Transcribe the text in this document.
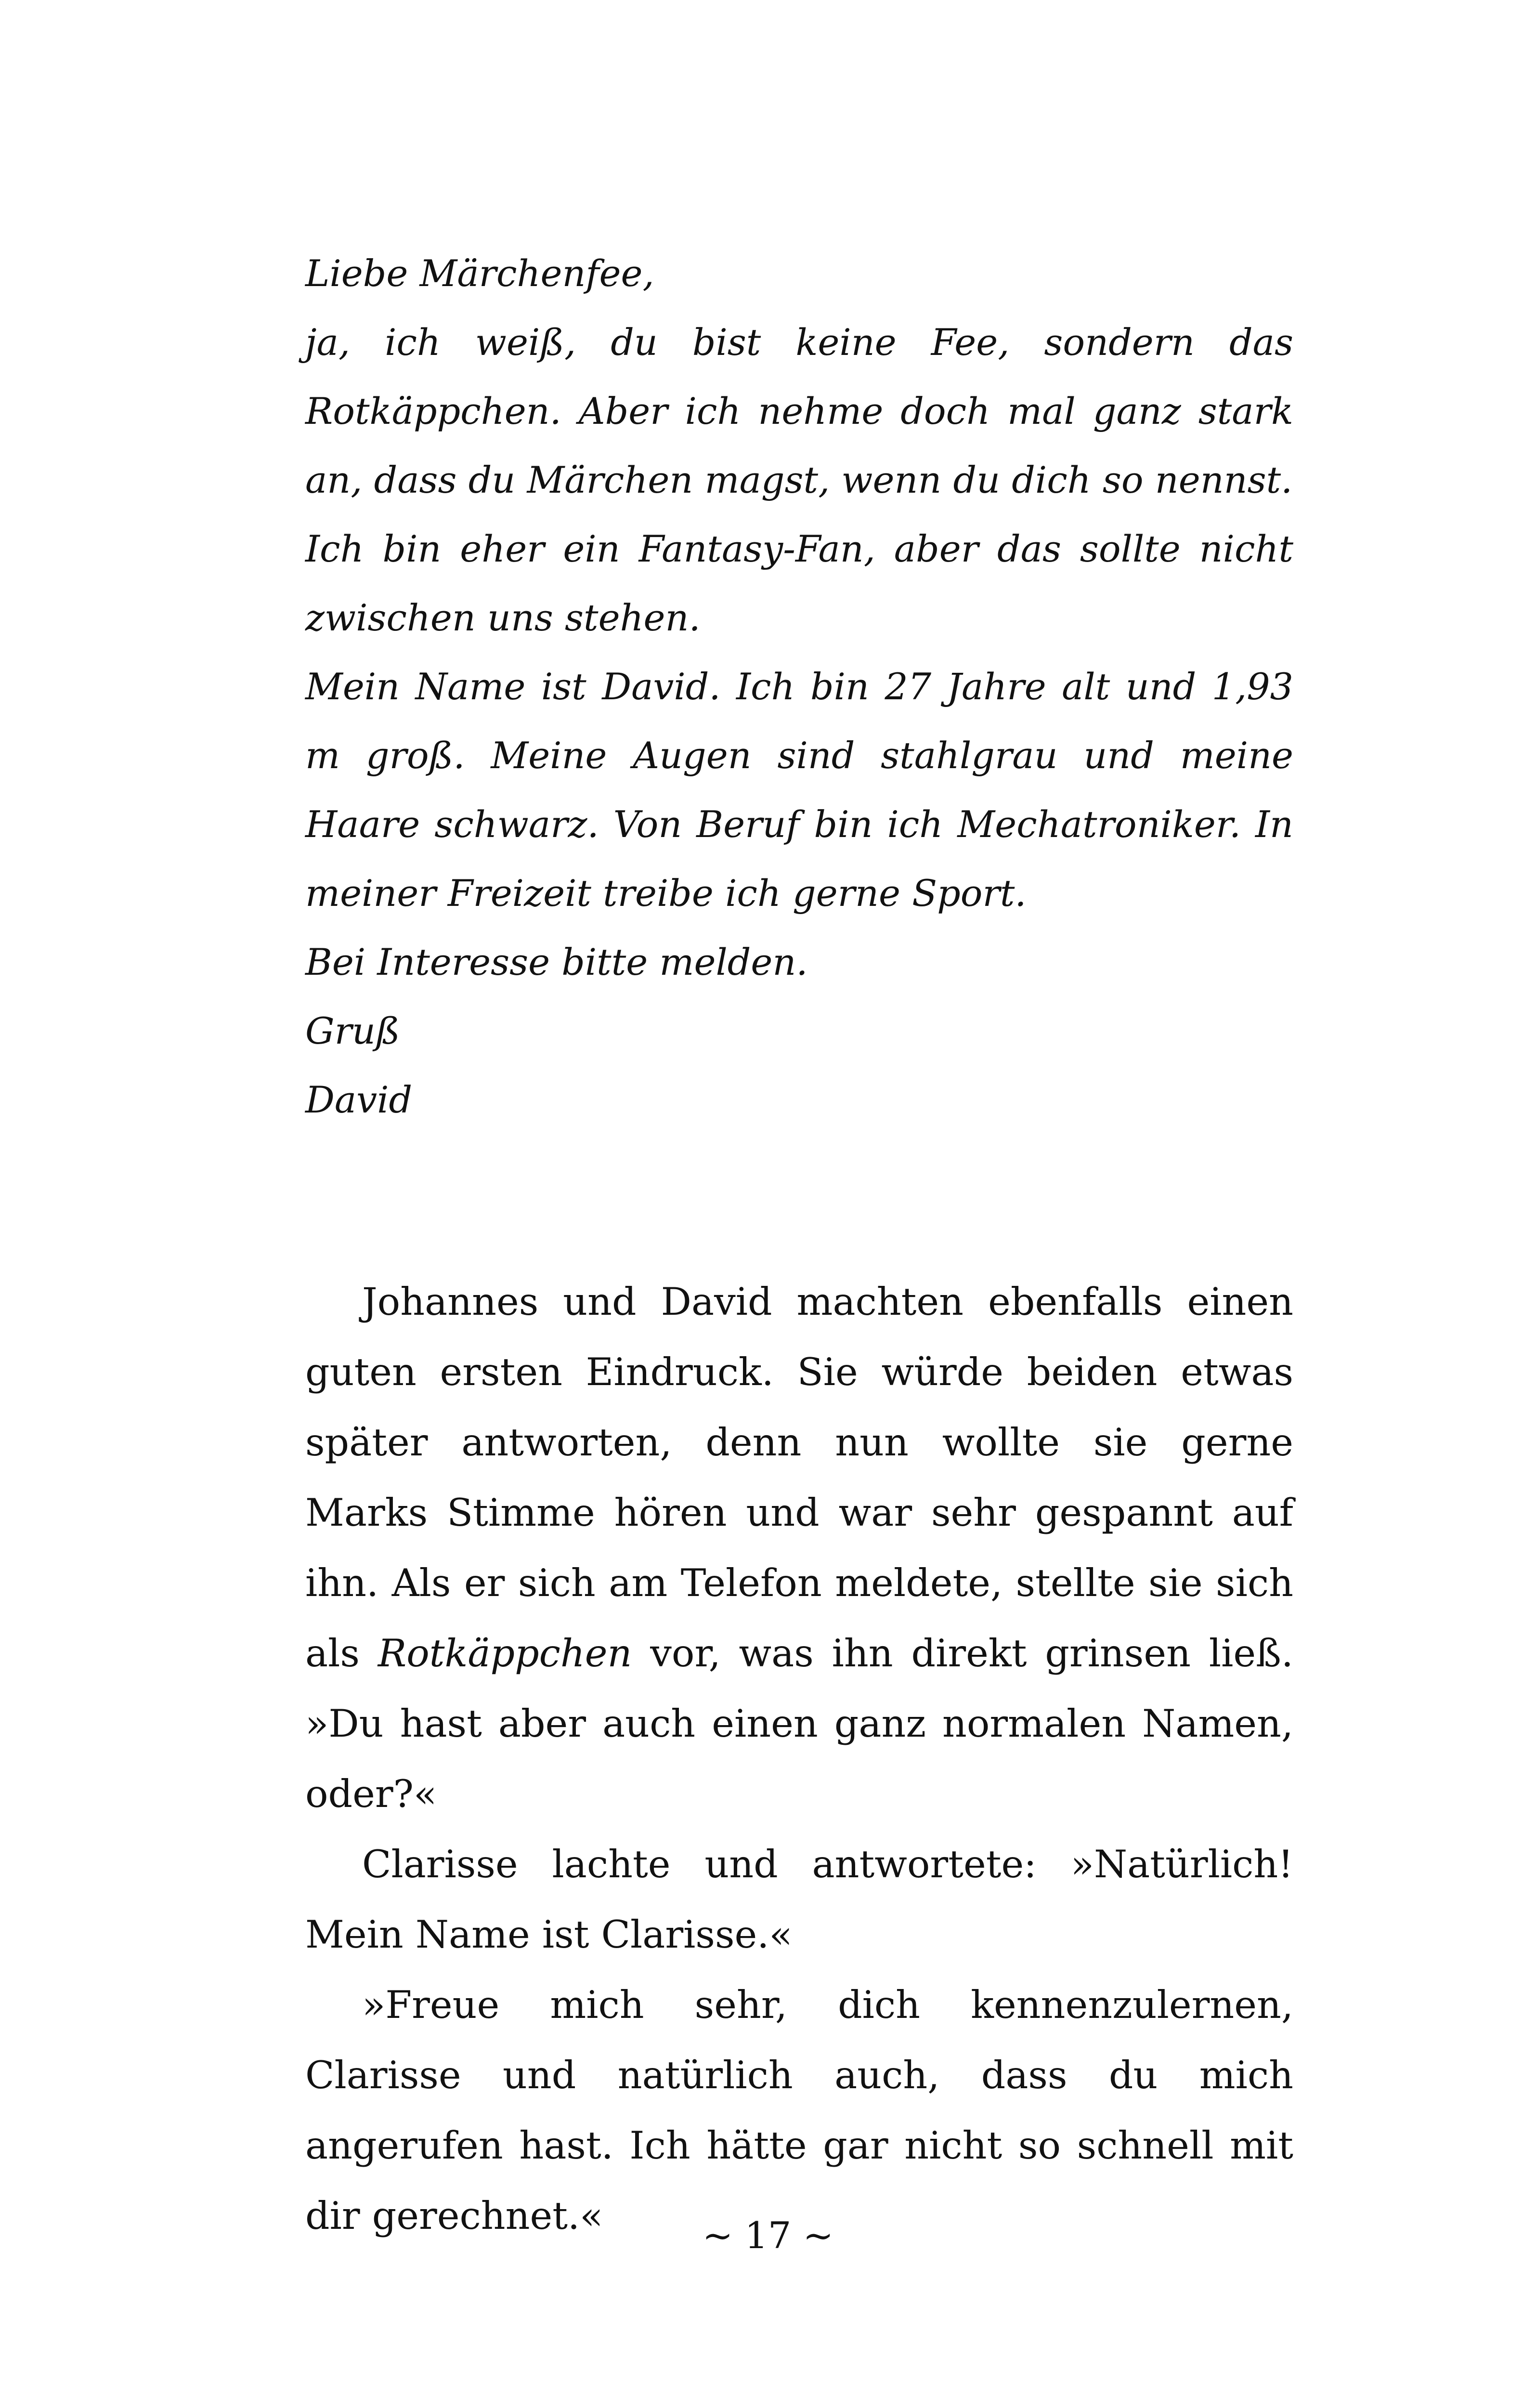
Liebe Märchenfee,

ja, ich weiß, du bist keine Fee, sondern das Rotkäppchen. Aber ich nehme doch mal ganz stark an, dass du Märchen magst, wenn du dich so nennst.

Ich bin eher ein Fantasy-Fan, aber das sollte nicht zwischen uns stehen.

Mein Name ist David. Ich bin 27 Jahre alt und 1,93 m groß. Meine Augen sind stahlgrau und meine Haare schwarz. Von Beruf bin ich Mechatroniker. In meiner Freizeit treibe ich gerne Sport.

Bei Interesse bitte melden.

Gruß

David

Johannes und David machten ebenfalls einen guten ersten Eindruck. Sie würde beiden etwas später antworten, denn nun wollte sie gerne Marks Stimme hören und war sehr gespannt auf ihn. Als er sich am Telefon meldete, stellte sie sich als Rotkäppchen vor, was ihn direkt grinsen ließ. »Du hast aber auch einen ganz normalen Namen, oder?«

Clarisse lachte und antwortete: »Natürlich! Mein Name ist Clarisse.«

»Freue mich sehr, dich kennenzulernen, Clarisse und natürlich auch, dass du mich angerufen hast. Ich hätte gar nicht so schnell mit dir gerechnet.«	~ 17 ~
